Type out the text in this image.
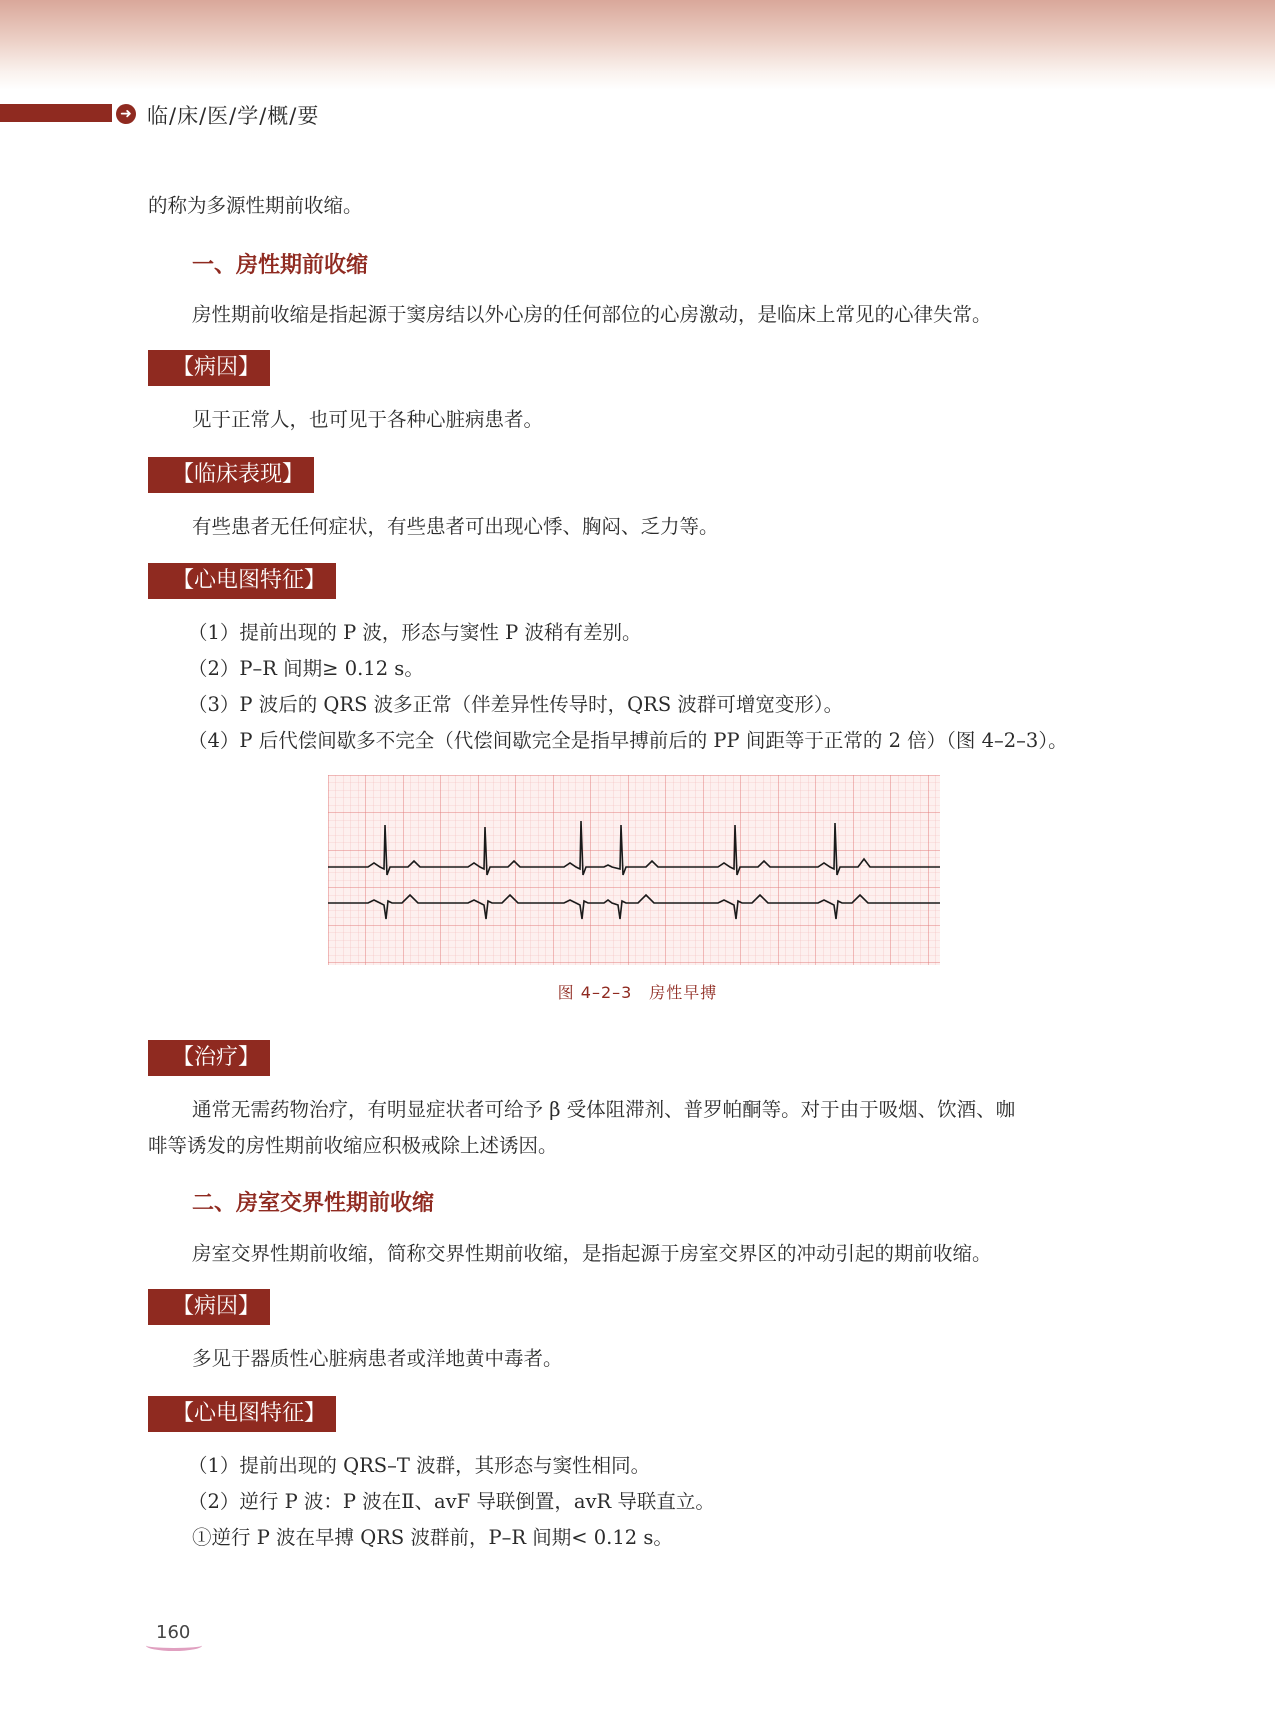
➜ 临/床/医/学/概/要
的称为多源性期前收缩。
一、房性期前收缩
房性期前收缩是指起源于窦房结以外心房的任何部位的心房激动，是临床上常见的心律失常。
【病因】
见于正常人，也可见于各种心脏病患者。
【临床表现】
有些患者无任何症状，有些患者可出现心悸、胸闷、乏力等。
【心电图特征】
（1）提前出现的 P 波，形态与窦性 P 波稍有差别。
（2）P–R 间期≥ 0.12 s。
（3）P 波后的 QRS 波多正常（伴差异性传导时，QRS 波群可增宽变形）。
（4）P 后代偿间歇多不完全（代偿间歇完全是指早搏前后的 PP 间距等于正常的 2 倍）（图 4–2–3）。
图 4–2–3　房性早搏
【治疗】
通常无需药物治疗，有明显症状者可给予 β 受体阻滞剂、普罗帕酮等。对于由于吸烟、饮酒、咖
啡等诱发的房性期前收缩应积极戒除上述诱因。
二、房室交界性期前收缩
房室交界性期前收缩，简称交界性期前收缩，是指起源于房室交界区的冲动引起的期前收缩。
【病因】
多见于器质性心脏病患者或洋地黄中毒者。
【心电图特征】
（1）提前出现的 QRS–T 波群，其形态与窦性相同。
（2）逆行 P 波：P 波在Ⅱ、avF 导联倒置，avR 导联直立。
①逆行 P 波在早搏 QRS 波群前，P–R 间期< 0.12 s。
160
